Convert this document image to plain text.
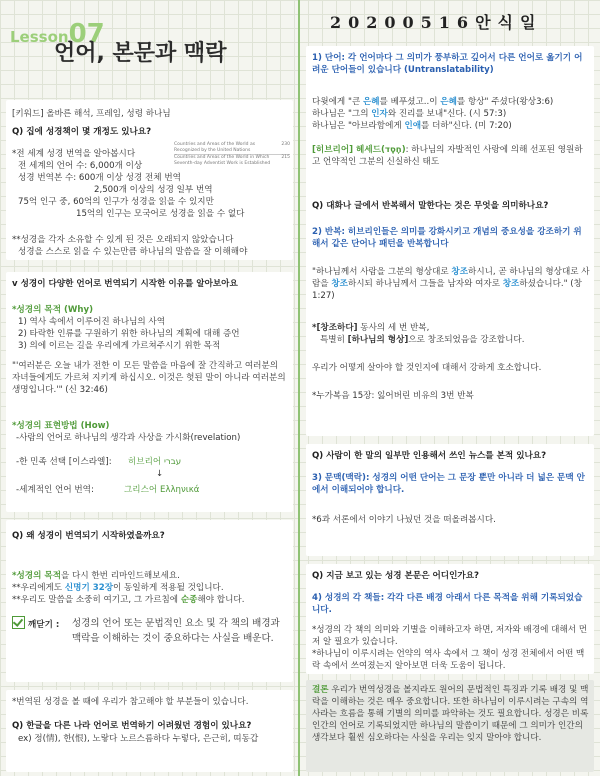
Lesson07
언어, 본문과 맥락
20200516안식일
[키워드] 올바른 해석, 프레임, 성령 하나님
Q) 집에 성경책이 몇 개정도 있나요?
*전 세계 성경 번역을 알아봅시다
전 세계의 언어 수: 6,000개 이상
성경 번역본 수: 600개 이상 성경 전체 번역
2,500개 이상의 성경 일부 번역
75억 인구 중, 60억의 인구가 성경을 읽을 수 있지만
15억의 인구는 모국어로 성경을 읽을 수 없다
Countries and Areas of the World as Recognized by the United Nations
230
Countries and Areas of the World in Which Seventh-day Adventist Work is Established
215
**성경을 각자 소유할 수 있게 된 것은 오래되지 않았습니다
성경을 스스로 읽을 수 있는만큼 하나님의 말씀을 잘 이해해야
v 성경이 다양한 언어로 번역되기 시작한 이유를 알아보아요
*성경의 목적 (Why)
1) 역사 속에서 이루어진 하나님의 사역
2) 타락한 인류를 구원하기 위한 하나님의 계획에 대해 증언
3) 의에 이르는 길을 우리에게 가르쳐주시기 위한 목적
"'여러분은 오늘 내가 전한 이 모든 말씀을 마음에 잘 간직하고 여러분의 자녀들에게도 가르쳐 지키게 하십시오. 이것은 헛된 말이 아니라 여러분의 생명입니다.'" (신 32:46)
*성경의 표현방법 (How)
-사람의 언어로 하나님의 생각과 사상을 가시화(revelation)
-한 민족 선택 [이스라엘]: 히브리어 עברי
↓
-세계적인 언어 번역:	그리스어 Ελληνικά
Q) 왜 성경이 번역되기 시작하였을까요?
*성경의 목적을 다시 한번 리마인드해보세요.
**우리에게도 신명기 32장이 동일하게 적용될 것입니다.
**우리도 말씀을 소중히 여기고, 그 가르침에 순종해야 합니다.
깨닫기 : 성경의 언어 또는 문법적인 요소 및 각 책의 배경과 맥락을 이해하는 것이 중요하다는 사실을 배운다.
*번역된 성경을 볼 때에 우리가 참고해야 할 부분들이 있습니다.
Q) 한글을 다른 나라 언어로 번역하기 어려웠던 경험이 있나요?
ex) 정(情), 한(恨), 노랗다 노르스름하다 누렇다, 은근히, 띠동갑
1) 단어: 각 언어마다 그 의미가 풍부하고 깊어서 다른 언어로 옮기기 어려운 단어들이 있습니다 (Untranslatability)
다윗에게 "큰 은혜를 베푸셨고..이 은혜를 항상" 주셨다(왕상3:6)
하나님은 "그의 인자와 진리를 보내"신다. (시 57:3)
하나님은 "아브라함에게 인애를 더하"신다. (미 7:20)
[히브리어] 헤세드(חֶסֶד): 하나님의 자발적인 사랑에 의해 선포된 영원하고 언약적인 그분의 신실하신 태도
Q) 대화나 글에서 반복해서 말한다는 것은 무엇을 의미하나요?
2) 반복: 히브리인들은 의미를 강화시키고 개념의 중요성을 강조하기 위해서 같은 단어나 패턴을 반복합니다
"하나님께서 사람을 그분의 형상대로 창조하시니, 곧 하나님의 형상대로 사람을 창조하시되 하나님께서 그들을 남자와 여자로 창조하셨습니다." (창 1:27)
*[창조하다] 동사의 세 번 반복,
특별히 [하나님의 형상]으로 창조되었음을 강조합니다.
우리가 어떻게 살아야 할 것인지에 대해서 강하게 호소합니다.
*누가복음 15장: 잃어버린 비유의 3번 반복
Q) 사람이 한 말의 일부만 인용해서 쓰인 뉴스를 본적 있나요?
3) 문맥(맥락): 성경의 어떤 단어는 그 문장 뿐만 아니라 더 넓은 문맥 안에서 이해되어야 합니다.
*6과 서론에서 이야기 나눴던 것을 떠올려봅시다.
Q) 지금 보고 있는 성경 본문은 어디인가요?
4) 성경의 각 책들: 각각 다른 배경 아래서 다른 목적을 위해 기록되었습니다.
*성경의 각 책의 의미와 기별을 이해하고자 하면, 저자와 배경에 대해서 먼저 알 필요가 있습니다.
*하나님이 이루시려는 언약의 역사 속에서 그 책이 성경 전체에서 어떤 맥락 속에서 쓰여졌는지 알아보면 더욱 도움이 됩니다.
결론 우리가 번역성경을 볼지라도 원어의 문법적인 특징과 기록 배경 및 맥락을 이해하는 것은 매우 중요합니다. 또한 하나님이 이루시려는 구속의 역사라는 흐름을 통해 기별의 의미를 파악하는 것도 필요합니다. 성경은 비록 인간의 언어로 기록되었지만 하나님의 말씀이기 때문에 그 의미가 인간의 생각보다 훨씬 심오하다는 사실을 우리는 잊지 말아야 합니다.
